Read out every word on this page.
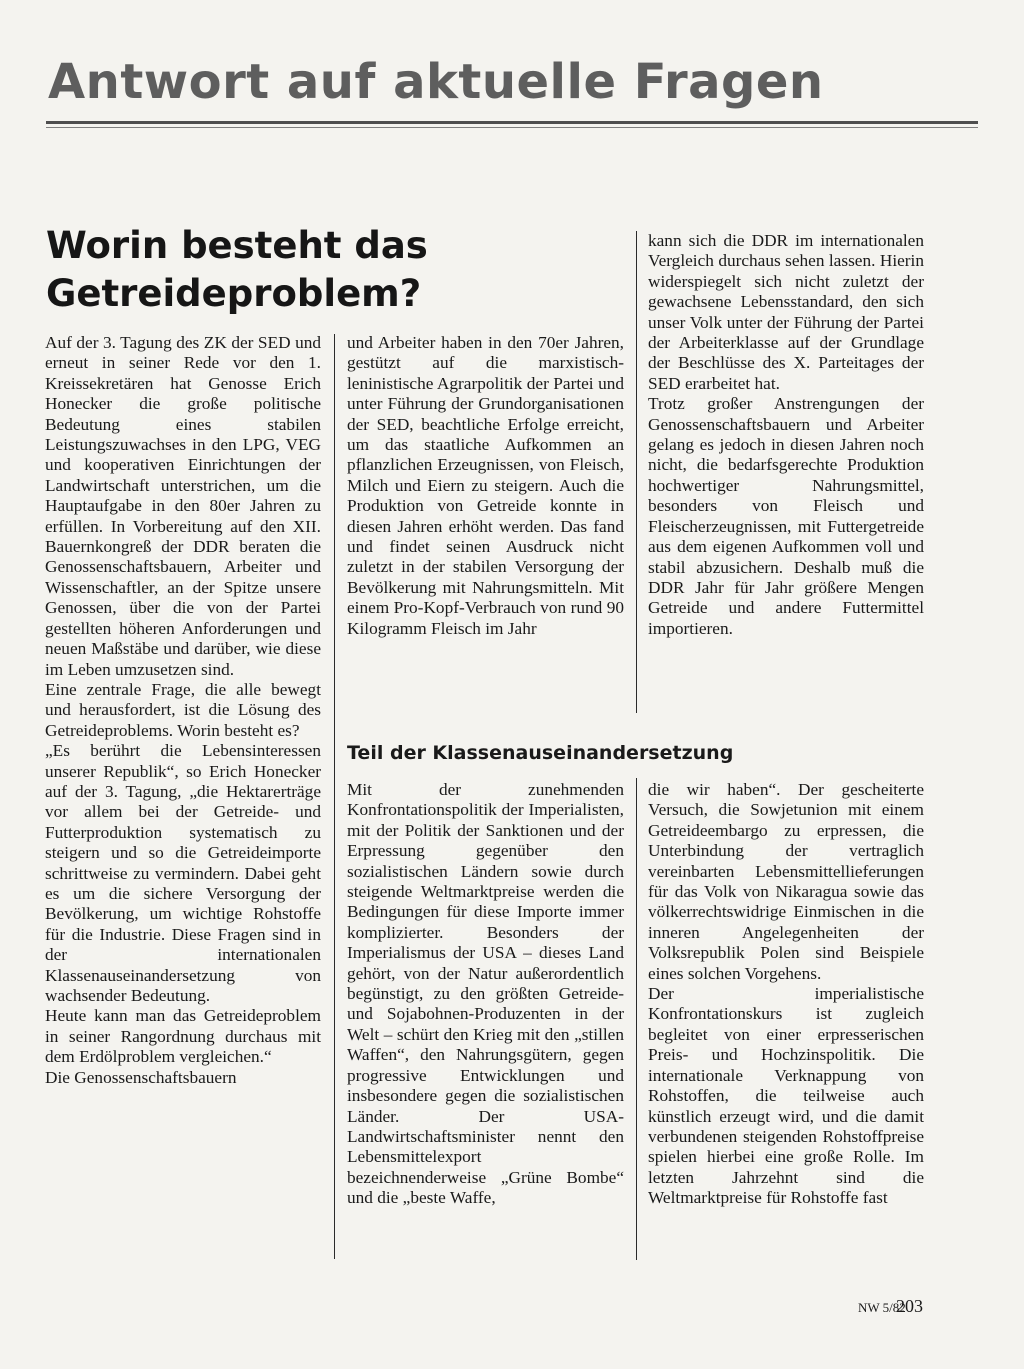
Antwort auf aktuelle Fragen
Worin besteht das Getreideproblem?

Auf der 3. Tagung des ZK der SED und erneut in seiner Rede vor den 1. Kreissekretären hat Genosse Erich Honecker die große politische Bedeutung eines stabilen Leistungszuwachses in den LPG, VEG und kooperativen Einrichtungen der Landwirtschaft unterstrichen, um die Hauptaufgabe in den 80er Jahren zu erfüllen. In Vorbereitung auf den XII. Bauernkongreß der DDR beraten die Genossenschaftsbauern, Arbeiter und Wissenschaftler, an der Spitze unsere Genossen, über die von der Partei gestellten höheren Anforderungen und neuen Maßstäbe und darüber, wie diese im Leben umzusetzen sind.

Eine zentrale Frage, die alle bewegt und herausfordert, ist die Lösung des Getreideproblems. Worin besteht es?

„Es berührt die Lebensinteressen unserer Republik“, so Erich Honecker auf der 3. Tagung, „die Hektarerträge vor allem bei der Getreide- und Futterproduktion systematisch zu steigern und so die Getreideimporte schrittweise zu vermindern. Dabei geht es um die sichere Versorgung der Bevölkerung, um wichtige Rohstoffe für die Industrie. Diese Fragen sind in der internationalen Klassenauseinandersetzung von wachsender Bedeutung.

Heute kann man das Getreideproblem in seiner Rangordnung durchaus mit dem Erdölproblem vergleichen.“

Die Genossenschaftsbauern

und Arbeiter haben in den 70er Jahren, gestützt auf die marxistisch-leninistische Agrarpolitik der Partei und unter Führung der Grundorganisationen der SED, beachtliche Erfolge erreicht, um das staatliche Aufkommen an pflanzlichen Erzeugnissen, von Fleisch, Milch und Eiern zu steigern. Auch die Produktion von Getreide konnte in diesen Jahren erhöht werden. Das fand und findet seinen Ausdruck nicht zuletzt in der stabilen Versorgung der Bevölkerung mit Nahrungsmitteln. Mit einem Pro-Kopf-Verbrauch von rund 90 Kilogramm Fleisch im Jahr

kann sich die DDR im internationalen Vergleich durchaus sehen lassen. Hierin widerspiegelt sich nicht zuletzt der gewachsene Lebensstandard, den sich unser Volk unter der Führung der Partei der Arbeiterklasse auf der Grundlage der Beschlüsse des X. Parteitages der SED erarbeitet hat.

Trotz großer Anstrengungen der Genossenschaftsbauern und Arbeiter gelang es jedoch in diesen Jahren noch nicht, die bedarfsgerechte Produktion hochwertiger Nahrungsmittel, besonders von Fleisch und Fleischerzeugnissen, mit Futtergetreide aus dem eigenen Aufkommen voll und stabil abzusichern. Deshalb muß die DDR Jahr für Jahr größere Mengen Getreide und andere Futtermittel importieren.

Teil der Klassenauseinandersetzung

Mit der zunehmenden Konfrontationspolitik der Imperialisten, mit der Politik der Sanktionen und der Erpressung gegenüber den sozialistischen Ländern sowie durch steigende Weltmarktpreise werden die Bedingungen für diese Importe immer komplizierter. Besonders der Imperialismus der USA – dieses Land gehört, von der Natur außerordentlich begünstigt, zu den größten Getreide- und Sojabohnen-Produzenten in der Welt – schürt den Krieg mit den „stillen Waffen“, den Nahrungsgütern, gegen progressive Entwicklungen und insbesondere gegen die sozialistischen Länder. Der USA-Landwirtschaftsminister nennt den Lebensmittelexport bezeichnenderweise „Grüne Bombe“ und die „beste Waffe,

die wir haben“. Der gescheiterte Versuch, die Sowjetunion mit einem Getreideembargo zu erpressen, die Unterbindung der vertraglich vereinbarten Lebensmittellieferungen für das Volk von Nikaragua sowie das völkerrechtswidrige Einmischen in die inneren Angelegenheiten der Volksrepublik Polen sind Beispiele eines solchen Vorgehens.

Der imperialistische Konfrontationskurs ist zugleich begleitet von einer erpresserischen Preis- und Hochzinspolitik. Die internationale Verknappung von Rohstoffen, die teilweise auch künstlich erzeugt wird, und die damit verbundenen steigenden Rohstoffpreise spielen hierbei eine große Rolle. Im letzten Jahrzehnt sind die Weltmarktpreise für Rohstoffe fast

NW 5/82
203
